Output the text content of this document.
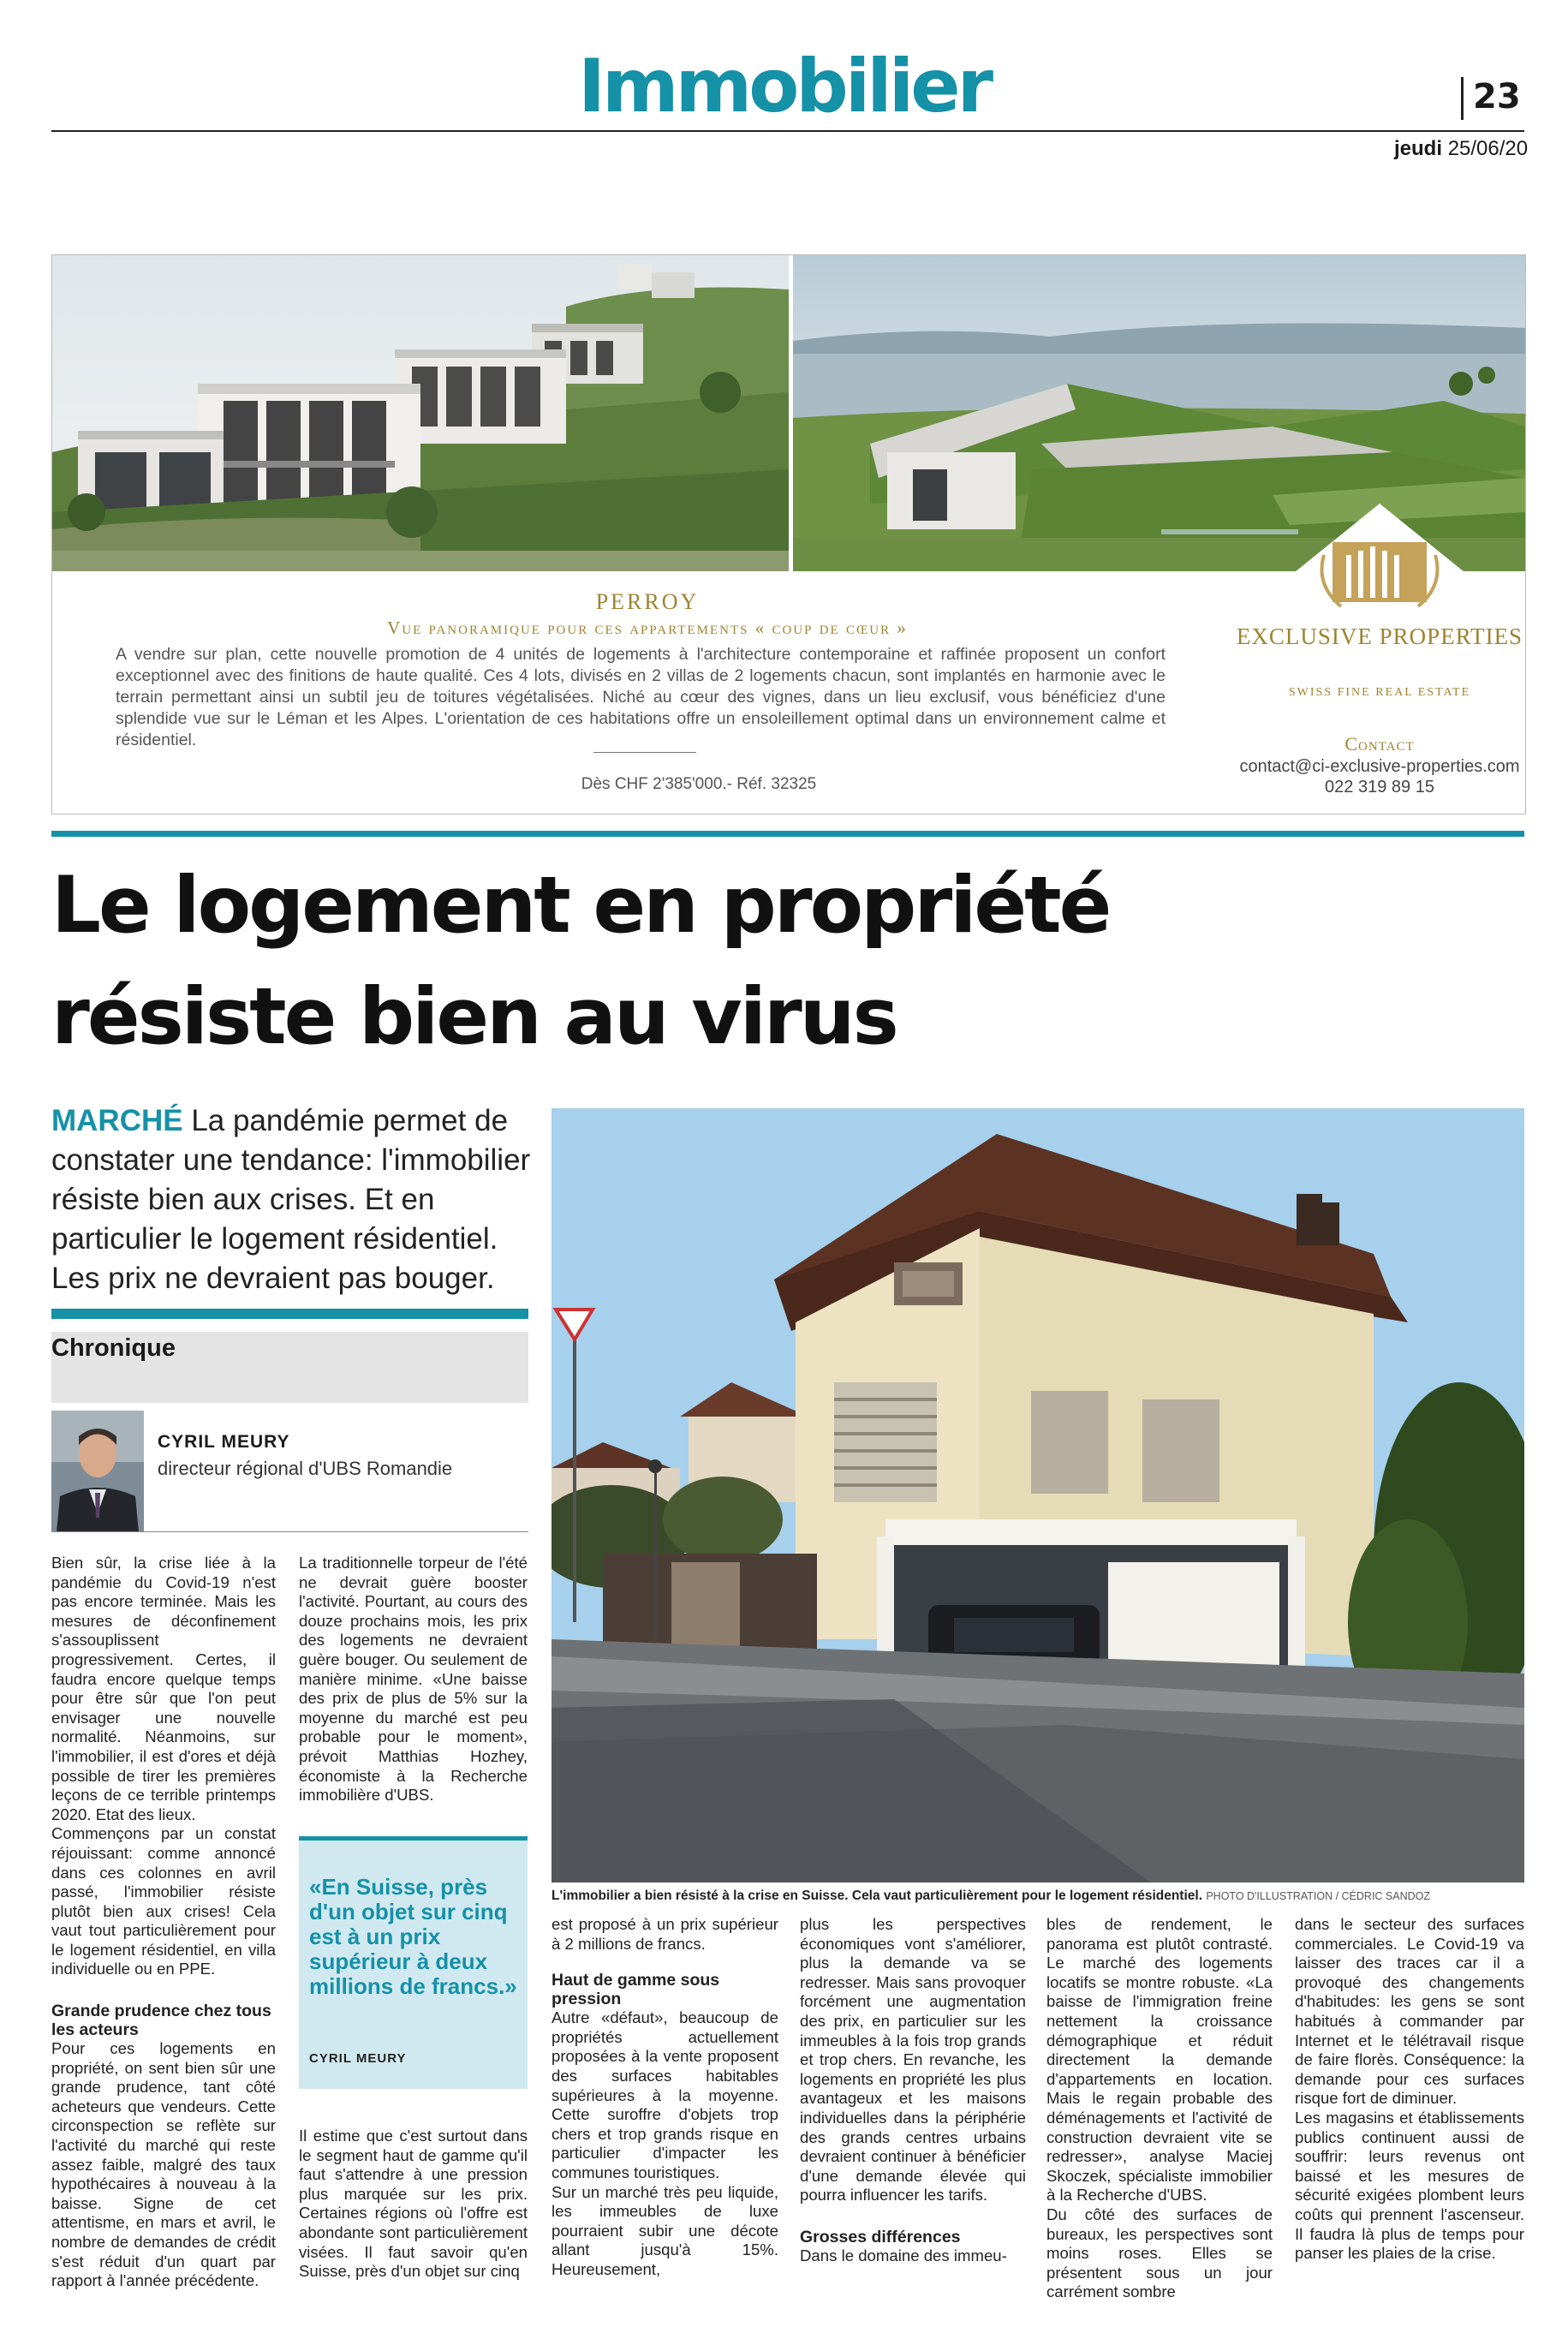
Immobilier	23
jeudi 25/06/20
PERROY
Vue panoramique pour ces appartements « coup de cœur »
A vendre sur plan, cette nouvelle promotion de 4 unités de logements à l'architecture contemporaine et raffinée proposent un confort exceptionnel avec des finitions de haute qualité. Ces 4 lots, divisés en 2 villas de 2 logements chacun, sont implantés en harmonie avec le terrain permettant ainsi un subtil jeu de toitures végétalisées. Niché au cœur des vignes, dans un lieu exclusif, vous bénéficiez d'une splendide vue sur le Léman et les Alpes. L'orientation de ces habitations offre un ensoleillement optimal dans un environnement calme et résidentiel.
Dès CHF 2'385'000.- Réf. 32325
EXCLUSIVE PROPERTIES
SWISS FINE REAL ESTATE
Contact
contact@ci-exclusive-properties.com
022 319 89 15
Le logement en propriété
résiste bien au virus
MARCHÉ La pandémie permet de constater une tendance: l'immobilier résiste bien aux crises. Et en particulier le logement résidentiel. Les prix ne devraient pas bouger.
Chronique
CYRIL MEURY
directeur régional d'UBS Romandie
L'immobilier a bien résisté à la crise en Suisse. Cela vaut particulièrement pour le logement résidentiel. PHOTO D'ILLUSTRATION / CÉDRIC SANDOZ

Bien sûr, la crise liée à la pandémie du Covid-19 n'est pas encore terminée. Mais les mesures de déconfinement s'assouplissent progressivement. Certes, il faudra encore quelque temps pour être sûr que l'on peut envisager une nouvelle normalité. Néanmoins, sur l'immobilier, il est d'ores et déjà possible de tirer les premières leçons de ce terrible printemps 2020. Etat des lieux.

Commençons par un constat réjouissant: comme annoncé dans ces colonnes en avril passé, l'immobilier résiste plutôt bien aux crises! Cela vaut tout particulièrement pour le logement résidentiel, en villa individuelle ou en PPE.

Grande prudence chez tous les acteurs

Pour ces logements en propriété, on sent bien sûr une grande prudence, tant côté acheteurs que vendeurs. Cette circonspection se reflète sur l'activité du marché qui reste assez faible, malgré des taux hypothécaires à nouveau à la baisse. Signe de cet attentisme, en mars et avril, le nombre de demandes de crédit s'est réduit d'un quart par rapport à l'année précédente.

La traditionnelle torpeur de l'été ne devrait guère booster l'activité. Pourtant, au cours des douze prochains mois, les prix des logements ne devraient guère bouger. Ou seulement de manière minime. «Une baisse des prix de plus de 5% sur la moyenne du marché est peu probable pour le moment», prévoit Matthias Hozhey, économiste à la Recherche immobilière d'UBS.

«En Suisse, près d'un objet sur cinq est à un prix supérieur à deux millions de francs.»
CYRIL MEURY

Il estime que c'est surtout dans le segment haut de gamme qu'il faut s'attendre à une pression plus marquée sur les prix. Certaines régions où l'offre est abondante sont particulièrement visées. Il faut savoir qu'en Suisse, près d'un objet sur cinq

est proposé à un prix supérieur à 2 millions de francs.

Haut de gamme sous pression

Autre «défaut», beaucoup de propriétés actuellement proposées à la vente proposent des surfaces habitables supérieures à la moyenne. Cette suroffre d'objets trop chers et trop grands risque en particulier d'impacter les communes touristiques.

Sur un marché très peu liquide, les immeubles de luxe pourraient subir une décote allant jusqu'à 15%. Heureusement,

plus les perspectives économiques vont s'améliorer, plus la demande va se redresser. Mais sans provoquer forcément une augmentation des prix, en particulier sur les immeubles à la fois trop grands et trop chers. En revanche, les logements en propriété les plus avantageux et les maisons individuelles dans la périphérie des grands centres urbains devraient continuer à bénéficier d'une demande élevée qui pourra influencer les tarifs.

Grosses différences

Dans le domaine des immeu-

bles de rendement, le panorama est plutôt contrasté. Le marché des logements locatifs se montre robuste. «La baisse de l'immigration freine nettement la croissance démographique et réduit directement la demande d'appartements en location. Mais le regain probable des déménagements et l'activité de construction devraient vite se redresser», analyse Maciej Skoczek, spécialiste immobilier à la Recherche d'UBS.

Du côté des surfaces de bureaux, les perspectives sont moins roses. Elles se présentent sous un jour carrément sombre

dans le secteur des surfaces commerciales. Le Covid-19 va laisser des traces car il a provoqué des changements d'habitudes: les gens se sont habitués à commander par Internet et le télétravail risque de faire florès. Conséquence: la demande pour ces surfaces risque fort de diminuer.

Les magasins et établissements publics continuent aussi de souffrir: leurs revenus ont baissé et les mesures de sécurité exigées plombent leurs coûts qui prennent l'ascenseur. Il faudra là plus de temps pour panser les plaies de la crise.
